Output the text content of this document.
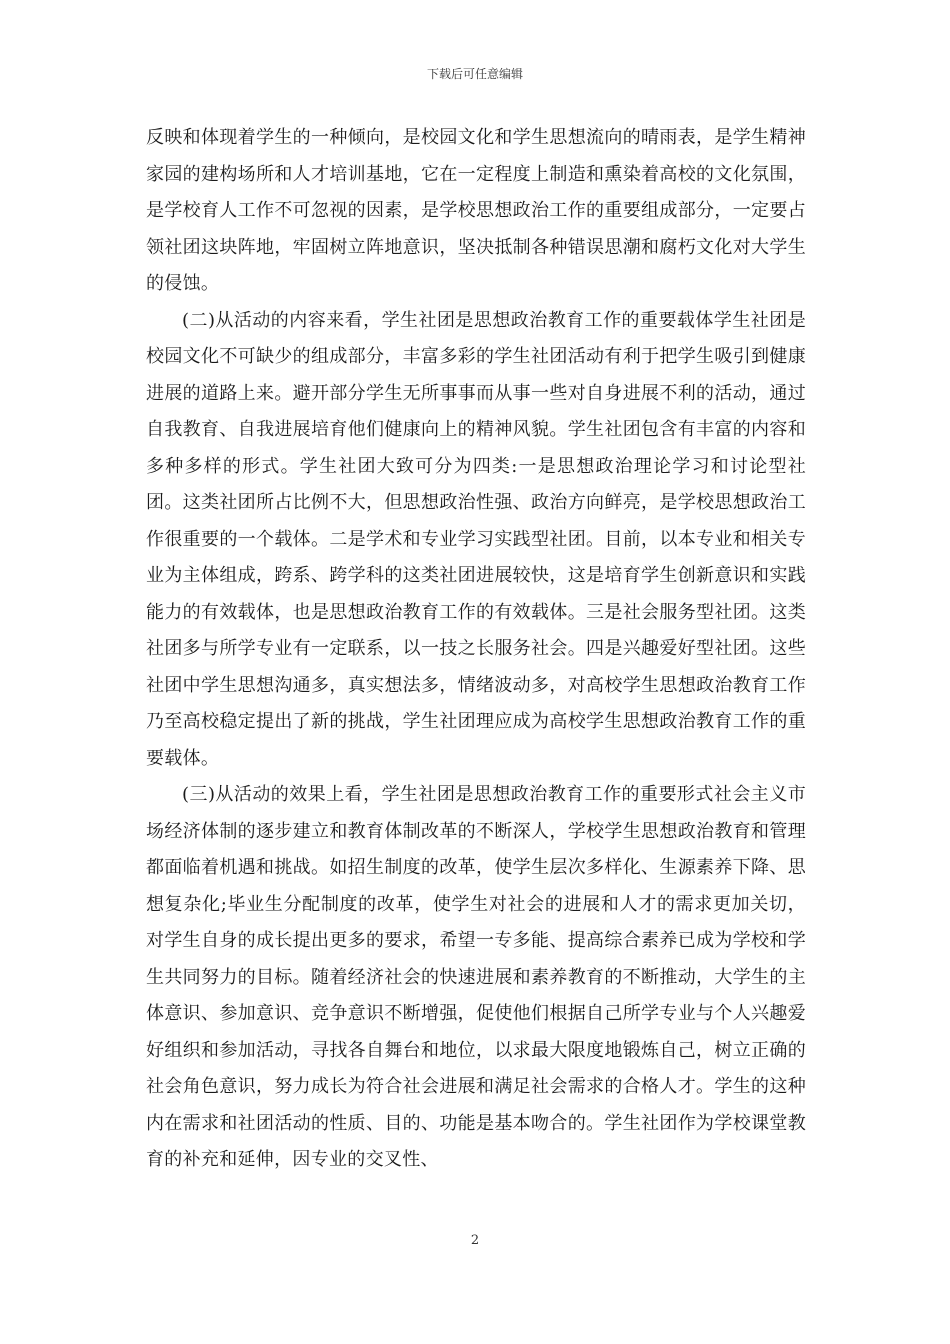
下载后可任意编辑

反映和体现着学生的一种倾向，是校园文化和学生思想流向的晴雨表，是学生精神家园的建构场所和人才培训基地，它在一定程度上制造和熏染着高校的文化氛围，是学校育人工作不可忽视的因素，是学校思想政治工作的重要组成部分，一定要占领社团这块阵地，牢固树立阵地意识，坚决抵制各种错误思潮和腐朽文化对大学生的侵蚀。

(二)从活动的内容来看，学生社团是思想政治教育工作的重要载体学生社团是校园文化不可缺少的组成部分，丰富多彩的学生社团活动有利于把学生吸引到健康进展的道路上来。避开部分学生无所事事而从事一些对自身进展不利的活动，通过自我教育、自我进展培育他们健康向上的精神风貌。学生社团包含有丰富的内容和多种多样的形式。学生社团大致可分为四类:一是思想政治理论学习和讨论型社团。这类社团所占比例不大，但思想政治性强、政治方向鲜亮，是学校思想政治工作很重要的一个载体。二是学术和专业学习实践型社团。目前，以本专业和相关专业为主体组成，跨系、跨学科的这类社团进展较快，这是培育学生创新意识和实践能力的有效载体，也是思想政治教育工作的有效载体。三是社会服务型社团。这类社团多与所学专业有一定联系，以一技之长服务社会。四是兴趣爱好型社团。这些社团中学生思想沟通多，真实想法多，情绪波动多，对高校学生思想政治教育工作乃至高校稳定提出了新的挑战，学生社团理应成为高校学生思想政治教育工作的重要载体。

(三)从活动的效果上看，学生社团是思想政治教育工作的重要形式社会主义市场经济体制的逐步建立和教育体制改革的不断深人，学校学生思想政治教育和管理都面临着机遇和挑战。如招生制度的改革，使学生层次多样化、生源素养下降、思想复杂化;毕业生分配制度的改革，使学生对社会的进展和人才的需求更加关切，对学生自身的成长提出更多的要求，希望一专多能、提高综合素养已成为学校和学生共同努力的目标。随着经济社会的快速进展和素养教育的不断推动，大学生的主体意识、参加意识、竞争意识不断增强，促使他们根据自己所学专业与个人兴趣爱好组织和参加活动，寻找各自舞台和地位，以求最大限度地锻炼自己，树立正确的社会角色意识，努力成长为符合社会进展和满足社会需求的合格人才。学生的这种内在需求和社团活动的性质、目的、功能是基本吻合的。学生社团作为学校课堂教育的补充和延伸，因专业的交叉性、

2
